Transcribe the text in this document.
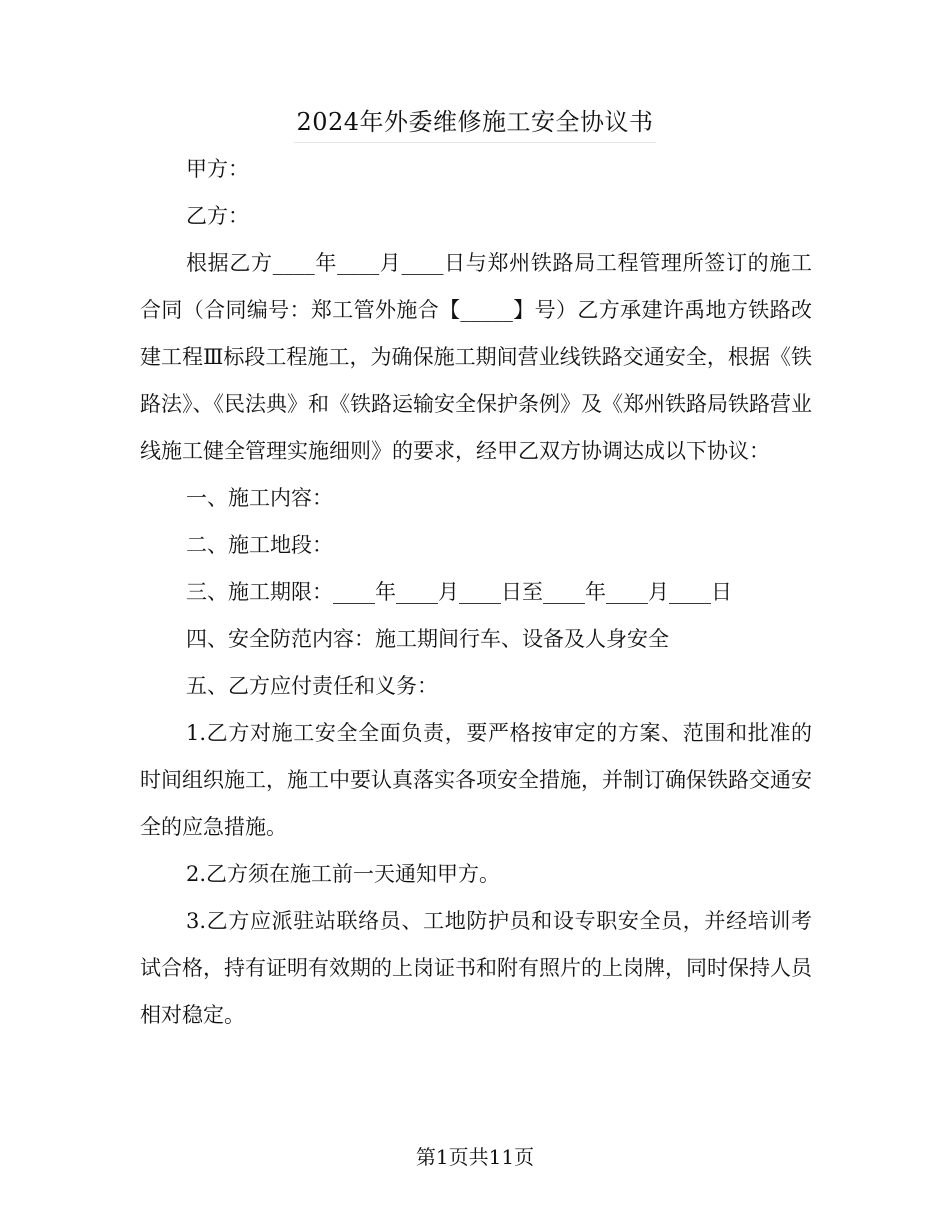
2024年外委维修施工安全协议书

甲方：

乙方：

根据乙方____年____月____日与郑州铁路局工程管理所签订的施工合同（合同编号：郑工管外施合【_____】号）乙方承建许禹地方铁路改建工程Ⅲ标段工程施工，为确保施工期间营业线铁路交通安全，根据《铁路法》、《民法典》和《铁路运输安全保护条例》及《郑州铁路局铁路营业线施工健全管理实施细则》的要求，经甲乙双方协调达成以下协议：

一、施工内容：

二、施工地段：

三、施工期限：____年____月____日至____年____月____日

四、安全防范内容：施工期间行车、设备及人身安全

五、乙方应付责任和义务：

1.乙方对施工安全全面负责，要严格按审定的方案、范围和批准的时间组织施工，施工中要认真落实各项安全措施，并制订确保铁路交通安全的应急措施。

2.乙方须在施工前一天通知甲方。

3.乙方应派驻站联络员、工地防护员和设专职安全员，并经培训考试合格，持有证明有效期的上岗证书和附有照片的上岗牌，同时保持人员相对稳定。

第1页共11页
